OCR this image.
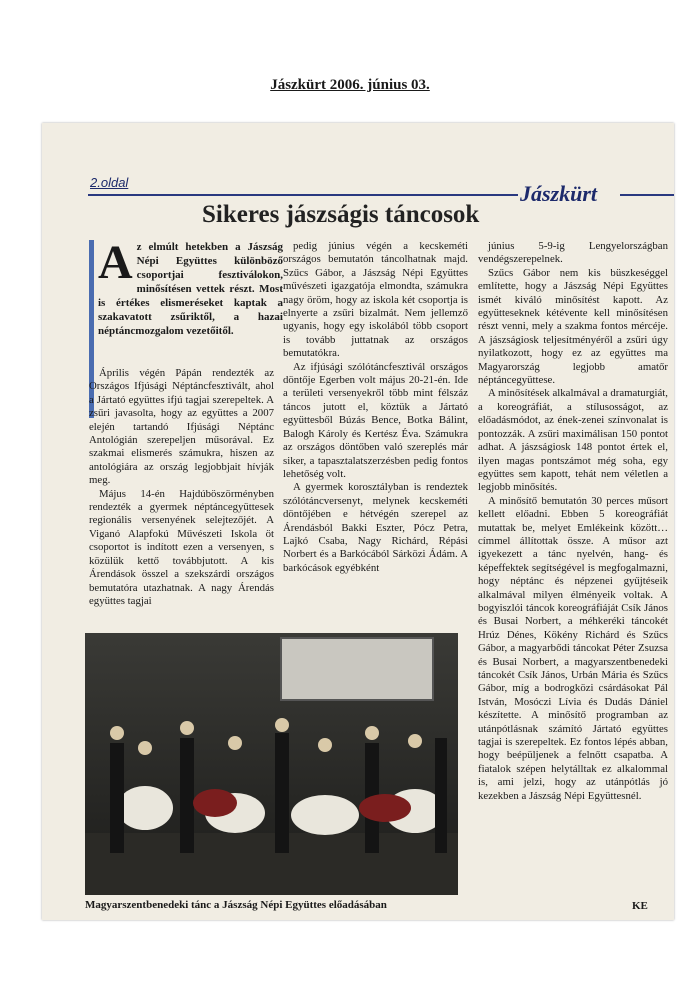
Jászkürt 2006. június 03.
2.oldal	Jászkürt
Sikeres jászságis táncosok
A z elmúlt hetekben a Jászság Népi Együttes különböző csoportjai fesztiválokon, minősítésen vettek részt. Most is értékes elismeréseket kaptak a szakavatott zsűriktől, a hazai néptáncmozgalom vezetőitől.

Április végén Pápán rendezték az Országos Ifjúsági Néptáncfesztivált, ahol a Jártató együttes ifjú tagjai szerepeltek. A zsűri javasolta, hogy az együttes a 2007 elején tartandó Ifjúsági Néptánc Antológián szerepeljen műsorával. Ez szakmai elismerés számukra, hiszen az antológiára az ország legjobbjait hívják meg.

Május 14-én Hajdúböszörményben rendezték a gyermek néptáncegyüttesek regionális versenyének selejtezőjét. A Viganó Alapfokú Művészeti Iskola öt csoportot is indított ezen a versenyen, s közülük kettő továbbjutott. A kis Árendások összel a szekszárdi országos bemutatóra utazhatnak. A nagy Árendás együttes tagjai

pedig június végén a kecskeméti országos bemutatón táncolhatnak majd. Szűcs Gábor, a Jászság Népi Együttes művészeti igazgatója elmondta, számukra nagy öröm, hogy az iskola két csoportja is elnyerte a zsűri bizalmát. Nem jellemző ugyanis, hogy egy iskolából több csoport is tovább juttatnak az országos bemutatókra.

Az ifjúsági szólótáncfesztivál országos döntője Egerben volt május 20-21-én. Ide a területi versenyekről több mint félszáz táncos jutott el, köztük a Jártató együttesből Búzás Bence, Botka Bálint, Balogh Károly és Kertész Éva. Számukra az országos döntőben való szereplés már siker, a tapasztalatszerzésben pedig fontos lehetőség volt.

A gyermek korosztályban is rendeztek szólótáncversenyt, melynek kecskeméti döntőjében e hétvégén szerepel az Árendásból Bakki Eszter, Pócz Petra, Lajkó Csaba, Nagy Richárd, Répási Norbert és a Barkócából Sárközi Ádám. A barkócások egyébként

június 5-9-ig Lengyelországban vendégszerepelnek.

Szűcs Gábor nem kis büszkeséggel említette, hogy a Jászság Népi Együttes ismét kiváló minősítést kapott. Az együtteseknek kétévente kell minősítésen részt venni, mely a szakma fontos mércéje. A jászságiosk teljesítményéről a zsűri úgy nyilatkozott, hogy ez az együttes ma Magyarország legjobb amatőr néptáncegyüttese.

A minősítések alkalmával a dramaturgiát, a koreográfiát, a stílusosságot, az előadásmódot, az ének-zenei színvonalat is pontozzák. A zsűri maximálisan 150 pontot adhat. A jászságiosk 148 pontot értek el, ilyen magas pontszámot még soha, egy együttes sem kapott, tehát nem véletlen a legjobb minősítés.

A minősítő bemutatón 30 perces műsort kellett előadni. Ebben 5 koreográfiát mutattak be, melyet Emlékeink között… címmel állítottak össze. A műsor azt igyekezett a tánc nyelvén, hang- és képeffektek segítségével is megfogalmazni, hogy néptánc és népzenei gyűjtéseik alkalmával milyen élményeik voltak. A bogyiszlói táncok koreográfiáját Csík János és Busai Norbert, a méhkeréki táncokét Hrúz Dénes, Kökény Richárd és Szűcs Gábor, a magyarbődi táncokat Péter Zsuzsa és Busai Norbert, a magyarszentbenedeki táncokét Csík János, Urbán Mária és Szűcs Gábor, míg a bodrogközi csárdásokat Pál István, Mosóczi Lívia és Dudás Dániel készítette. A minősítő programban az utánpótlásnak számító Jártató együttes tagjai is szerepeltek. Ez fontos lépés abban, hogy beépüljenek a felnőtt csapatba. A fiatalok szépen helytálltak ez alkalommal is, ami jelzi, hogy az utánpótlás jó kezekben a Jászság Népi Együttesnél.

Magyarszentbenedeki tánc a Jászság Népi Együttes előadásában	KE
